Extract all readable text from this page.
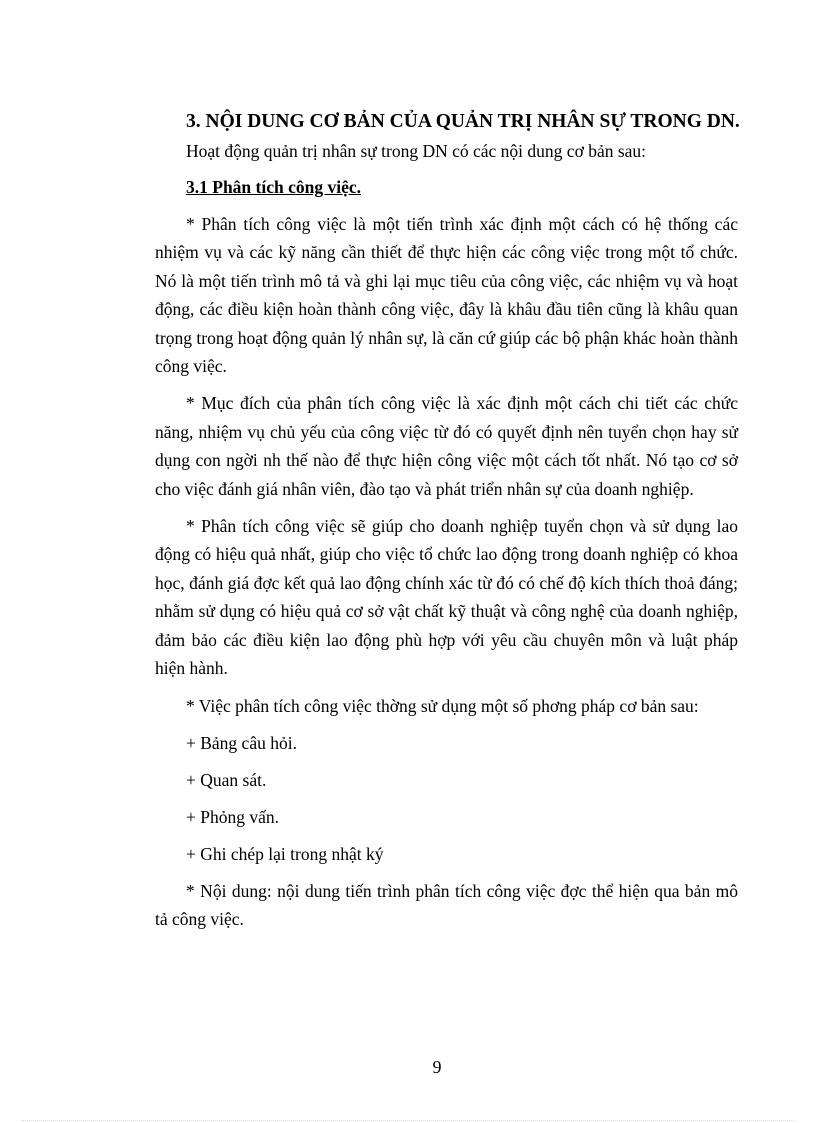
3. NỘI DUNG CƠ BẢN CỦA QUẢN TRỊ NHÂN SỰ TRONG DN.
Hoạt động quản trị nhân sự trong DN có các nội dung cơ bản sau:
3.1 Phân tích công việc.

* Phân tích công việc là một tiến trình xác định một cách có hệ thống các nhiệm vụ và các kỹ năng cần thiết để thực hiện các công việc trong một tổ chức. Nó là một tiến trình mô tả và ghi lại mục tiêu của công việc, các nhiệm vụ và hoạt động, các điều kiện hoàn thành công việc, đây là khâu đầu tiên cũng là khâu quan trọng trong hoạt động quản lý nhân sự, là căn cứ giúp các bộ phận khác hoàn thành công việc.

* Mục đích của phân tích công việc là xác định một cách chi tiết các chức năng, nhiệm vụ chủ yếu của công việc từ đó có quyết định nên tuyển chọn hay sử dụng con ngời nh thế nào để thực hiện công việc một cách tốt nhất. Nó tạo cơ sở cho việc đánh giá nhân viên, đào tạo và phát triển nhân sự của doanh nghiệp.

* Phân tích công việc sẽ giúp cho doanh nghiệp tuyển chọn và sử dụng lao động có hiệu quả nhất, giúp cho việc tổ chức lao động trong doanh nghiệp có khoa học, đánh giá đợc kết quả lao động chính xác từ đó có chế độ kích thích thoả đáng; nhằm sử dụng có hiệu quả cơ sở vật chất kỹ thuật và công nghệ của doanh nghiệp, đảm bảo các điều kiện lao động phù hợp với yêu cầu chuyên môn và luật pháp hiện hành.

* Việc phân tích công việc thờng sử dụng một số phơng pháp cơ bản sau:

+ Bảng câu hỏi.
+ Quan sát.
+ Phỏng vấn.
+ Ghi chép lại trong nhật ký

* Nội dung: nội dung tiến trình phân tích công việc đợc thể hiện qua bản mô tả công việc.

9
